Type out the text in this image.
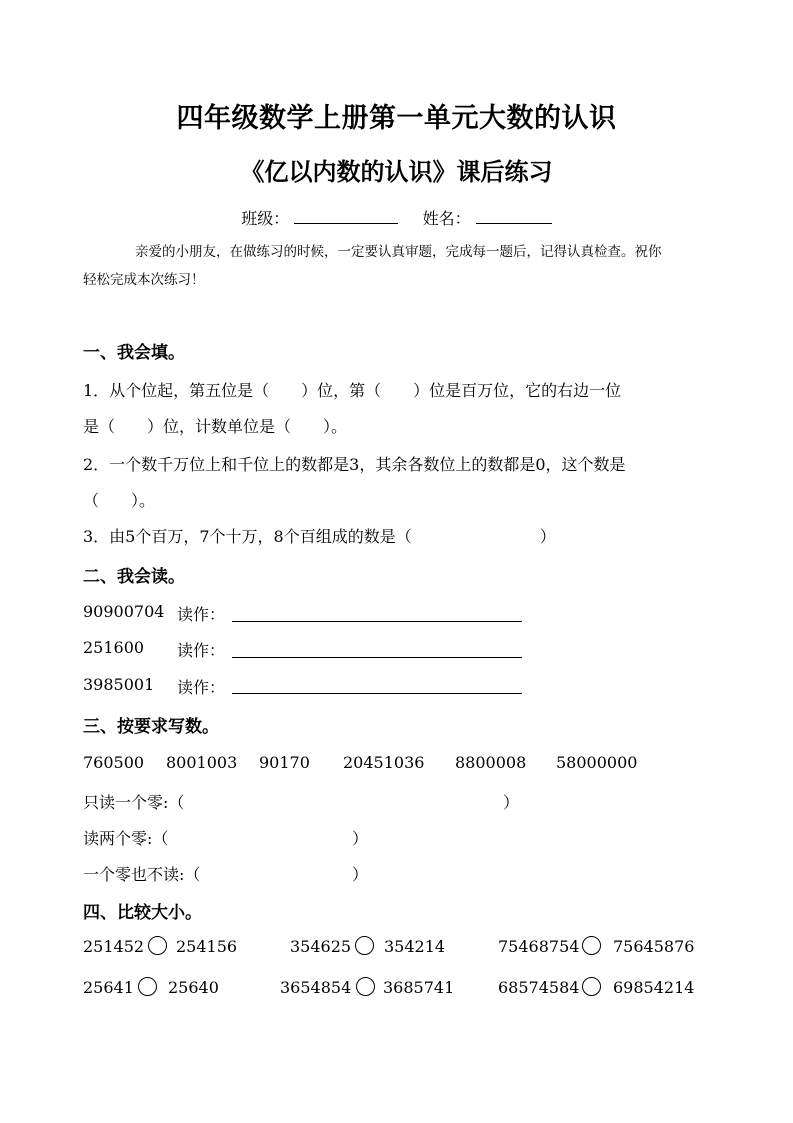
四年级数学上册第一单元大数的认识
《亿以内数的认识》课后练习
班级：	姓名：
亲爱的小朋友，在做练习的时候，一定要认真审题，完成每一题后，记得认真检查。祝你
轻松完成本次练习！
一、我会填。
1．从个位起，第五位是（　　）位，第（　　）位是百万位，它的右边一位
是（　　）位，计数单位是（　　）。
2．一个数千万位上和千位上的数都是3，其余各数位上的数都是0，这个数是
（　　）。
3．由5个百万，7个十万，8个百组成的数是（　　　　　　　　）
二、我会读。
90900704 读作：
251600 读作：
3985001 读作：
三、按要求写数。
760500 8001003 90170 20451036 8800008 58000000
只读一个零:（	）
读两个零:（	）
一个零也不读:（	）
四、比较大小。
251452 254156	354625 354214	75468754 75645876
25641 25640	3654854 3685741	68574584 69854214
